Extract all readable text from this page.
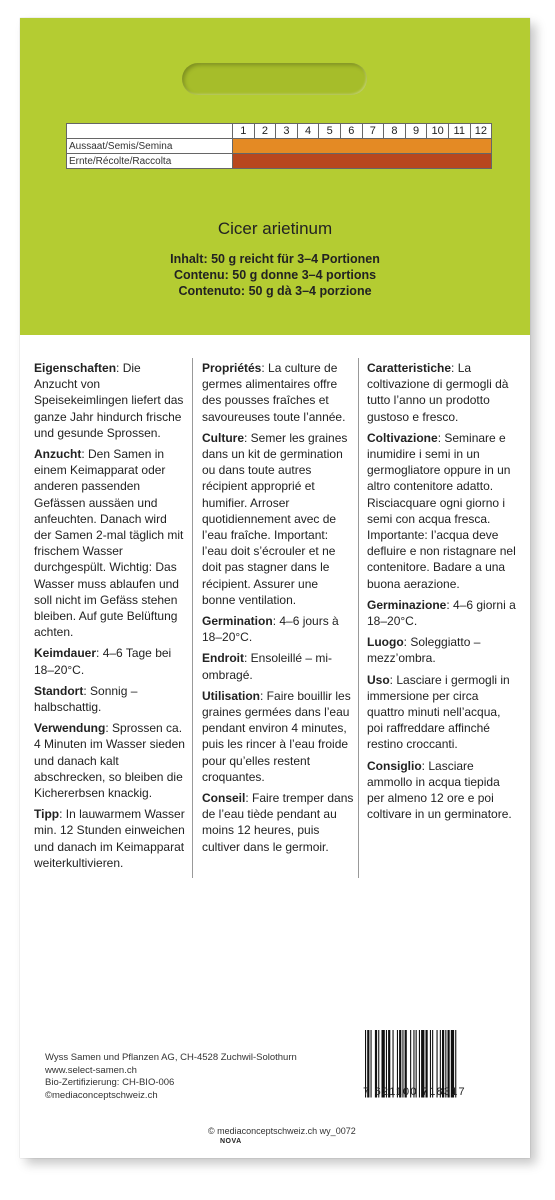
	1	2	3	4	5	6	7	8	9	10	11	12
Aussaat/Semis/Semina												
Ernte/Récolte/Raccolta												
Cicer arietinum
Inhalt: 50 g reicht für 3–4 Portionen
Contenu: 50 g donne 3–4 portions
Contenuto: 50 g dà 3–4 porzione

Eigenschaften: Die Anzucht von Speisekeimlingen liefert das ganze Jahr hindurch frische und gesunde Sprossen.

Anzucht: Den Samen in einem Keimapparat oder anderen passenden Gefässen aussäen und anfeuchten. Danach wird der Samen 2-mal täglich mit frischem Wasser durchgespült. Wichtig: Das Wasser muss ablaufen und soll nicht im Gefäss stehen bleiben. Auf gute Belüftung achten.

Keimdauer: 4–6 Tage bei 18–20°C.

Standort: Sonnig – halbschattig.

Verwendung: Sprossen ca. 4 Minuten im Wasser sieden und danach kalt abschrecken, so bleiben die Kichererbsen knackig.

Tipp: In lauwarmem Wasser min. 12 Stunden einweichen und danach im Keimapparat weiterkultivieren.

Propriétés: La culture de germes alimentaires offre des pousses fraîches et savoureuses toute l’année.

Culture: Semer les graines dans un kit de germination ou dans toute autres récipient approprié et humifier. Arroser quotidiennement avec de l’eau fraîche. Important: l’eau doit s’écrouler et ne doit pas stagner dans le récipient. Assurer une bonne ventilation.

Germination: 4–6 jours à 18–20°C.

Endroit: Ensoleillé – mi-ombragé.

Utilisation: Faire bouillir les graines germées dans l’eau pendant environ 4 minutes, puis les rincer à l’eau froide pour qu’elles restent croquantes.

Conseil: Faire tremper dans de l’eau tiède pendant au moins 12 heures, puis cultiver dans le germoir.

Caratteristiche: La coltivazione di germogli dà tutto l’anno un prodotto gustoso e fresco.

Coltivazione: Seminare e inumidire i semi in un germogliatore oppure in un altro contenitore adatto. Risciacquare ogni giorno i semi con acqua fresca. Importante: l’acqua deve defluire e non ristagnare nel contenitore. Badare a una buona aerazione.

Germinazione: 4–6 giorni a 18–20°C.

Luogo: Soleggiatto – mezz’ombra.

Uso: Lasciare i germogli in immersione per circa quattro minuti nell’acqua, poi raffreddare affinché restino croccanti.

Consiglio: Lasciare ammollo in acqua tiepida per almeno 12 ore e poi coltivare in un germinatore.

Wyss Samen und Pflanzen AG, CH-4528 Zuchwil-Solothurn
www.select-samen.ch
Bio-Zertifizierung: CH-BIO-006
©mediaconceptschweiz.ch	7 621100 718317
© mediaconceptschweiz.ch wy_0072
NOVA
